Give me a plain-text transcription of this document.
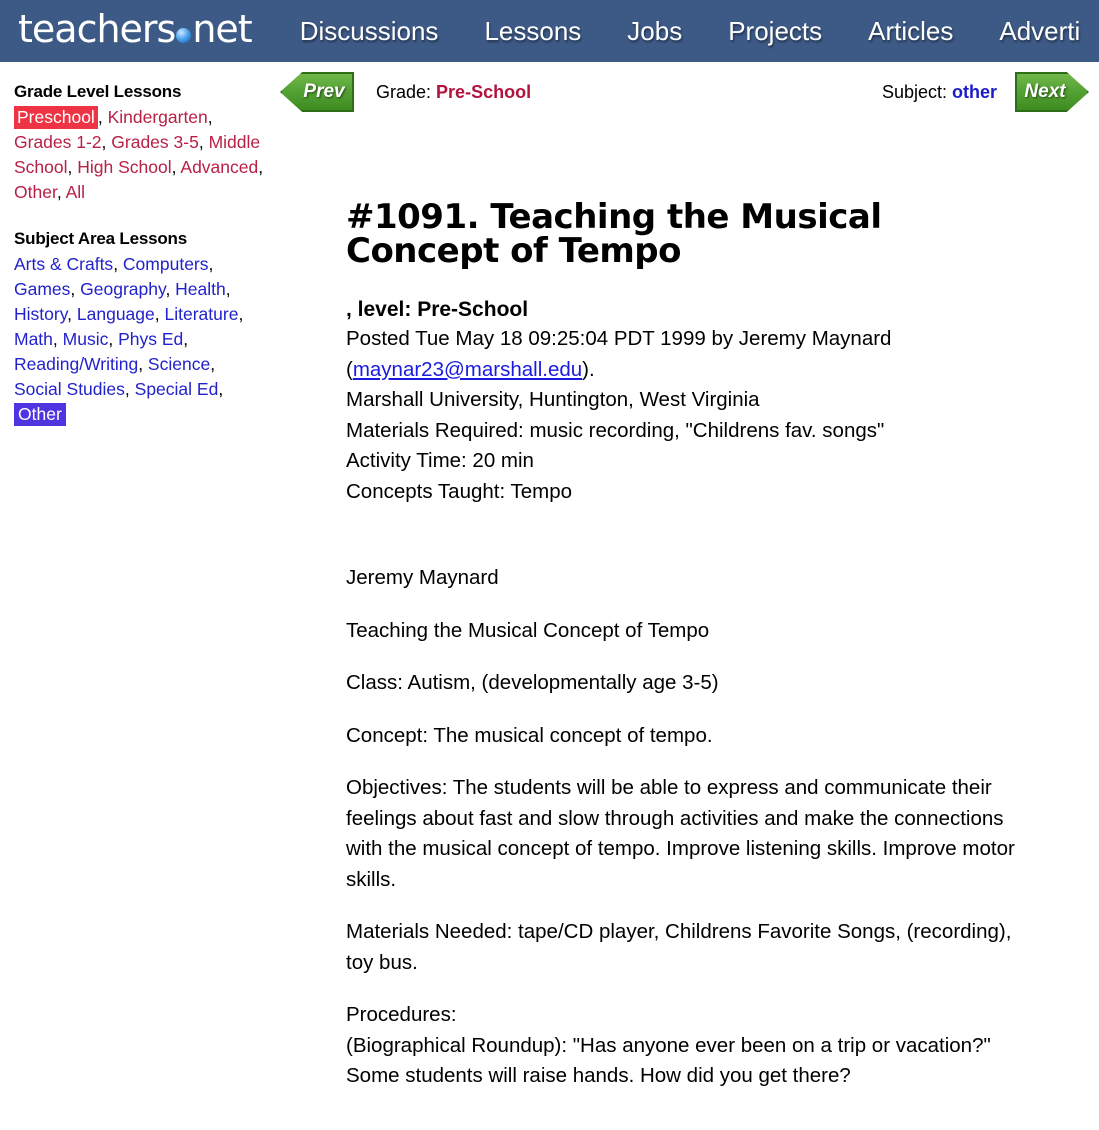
teachers net Discussions Lessons Jobs Projects Articles Adverti
Grade Level Lessons
Preschool , Kindergarten, Grades 1-2, Grades 3-5, Middle School, High School, Advanced, Other, All
Subject Area Lessons
Arts & Crafts, Computers, Games, Geography, Health, History, Language, Literature, Math, Music, Phys Ed, Reading/Writing, Science, Social Studies, Special Ed, Other
Prev	Grade: Pre-School	Subject: other	Next
#1091. Teaching the Musical Concept of Tempo
, level: Pre-School
Posted Tue May 18 09:25:04 PDT 1999 by Jeremy Maynard
(maynar23@marshall.edu).
Marshall University, Huntington, West Virginia
Materials Required: music recording, "Childrens fav. songs"
Activity Time: 20 min
Concepts Taught: Tempo

Jeremy Maynard

Teaching the Musical Concept of Tempo

Class: Autism, (developmentally age 3-5)

Concept: The musical concept of tempo.

Objectives: The students will be able to express and communicate their feelings about fast and slow through activities and make the connections with the musical concept of tempo. Improve listening skills. Improve motor skills.

Materials Needed: tape/CD player, Childrens Favorite Songs, (recording), toy bus.

Procedures:

(Biographical Roundup): "Has anyone ever been on a trip or vacation?" Some students will raise hands. How did you get there?
